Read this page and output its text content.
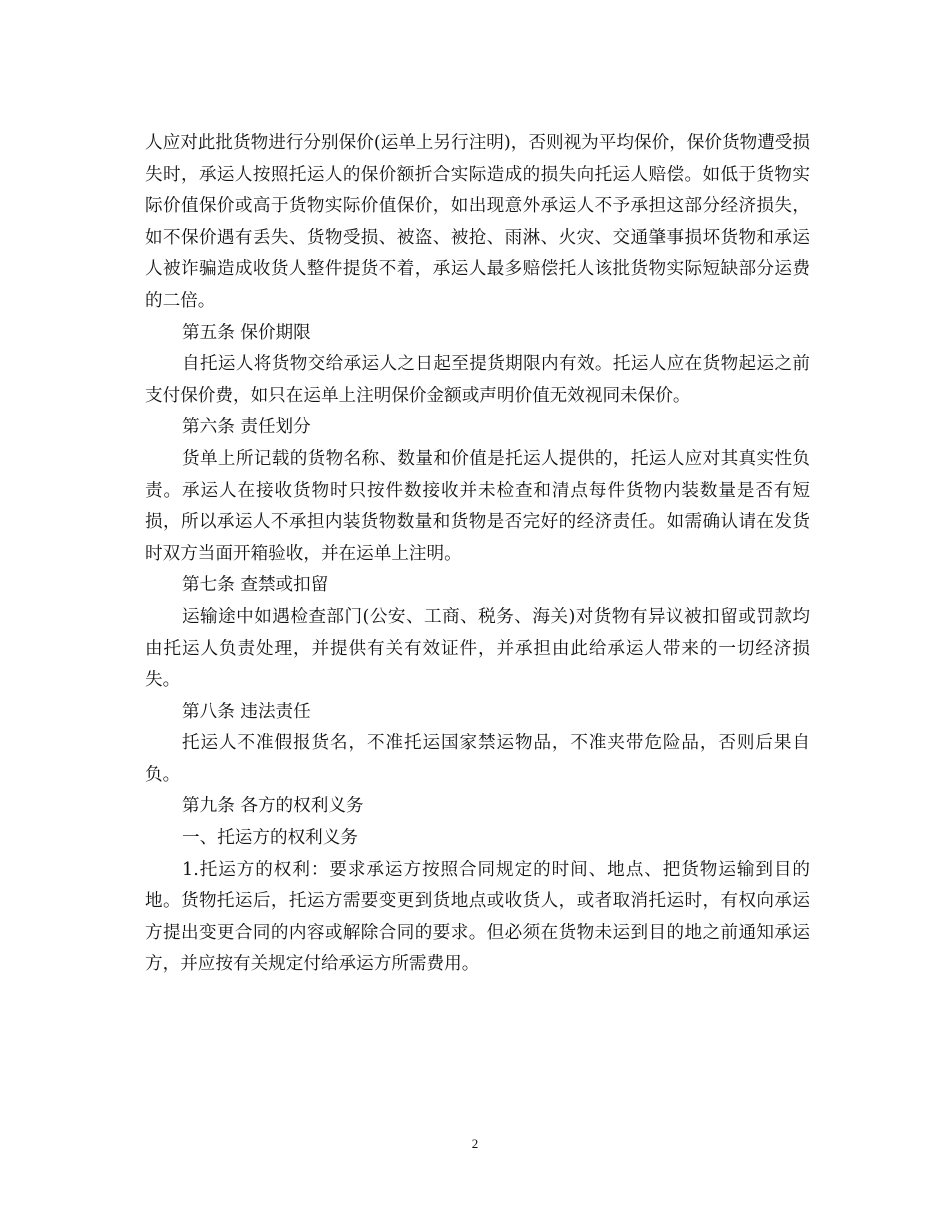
人应对此批货物进行分别保价(运单上另行注明)，否则视为平均保价，保价货物遭受损失时，承运人按照托运人的保价额折合实际造成的损失向托运人赔偿。如低于货物实际价值保价或高于货物实际价值保价，如出现意外承运人不予承担这部分经济损失，如不保价遇有丢失、货物受损、被盗、被抢、雨淋、火灾、交通肇事损坏货物和承运人被诈骗造成收货人整件提货不着，承运人最多赔偿托人该批货物实际短缺部分运费的二倍。

第五条 保价期限

自托运人将货物交给承运人之日起至提货期限内有效。托运人应在货物起运之前支付保价费，如只在运单上注明保价金额或声明价值无效视同未保价。

第六条 责任划分

货单上所记载的货物名称、数量和价值是托运人提供的，托运人应对其真实性负责。承运人在接收货物时只按件数接收并未检查和清点每件货物内装数量是否有短损，所以承运人不承担内装货物数量和货物是否完好的经济责任。如需确认请在发货时双方当面开箱验收，并在运单上注明。

第七条 查禁或扣留

运输途中如遇检查部门(公安、工商、税务、海关)对货物有异议被扣留或罚款均由托运人负责处理，并提供有关有效证件，并承担由此给承运人带来的一切经济损失。

第八条 违法责任

托运人不准假报货名，不准托运国家禁运物品，不准夹带危险品，否则后果自负。

第九条 各方的权利义务

一、托运方的权利义务

1.托运方的权利：要求承运方按照合同规定的时间、地点、把货物运输到目的地。货物托运后，托运方需要变更到货地点或收货人，或者取消托运时，有权向承运方提出变更合同的内容或解除合同的要求。但必须在货物未运到目的地之前通知承运方，并应按有关规定付给承运方所需费用。

2
